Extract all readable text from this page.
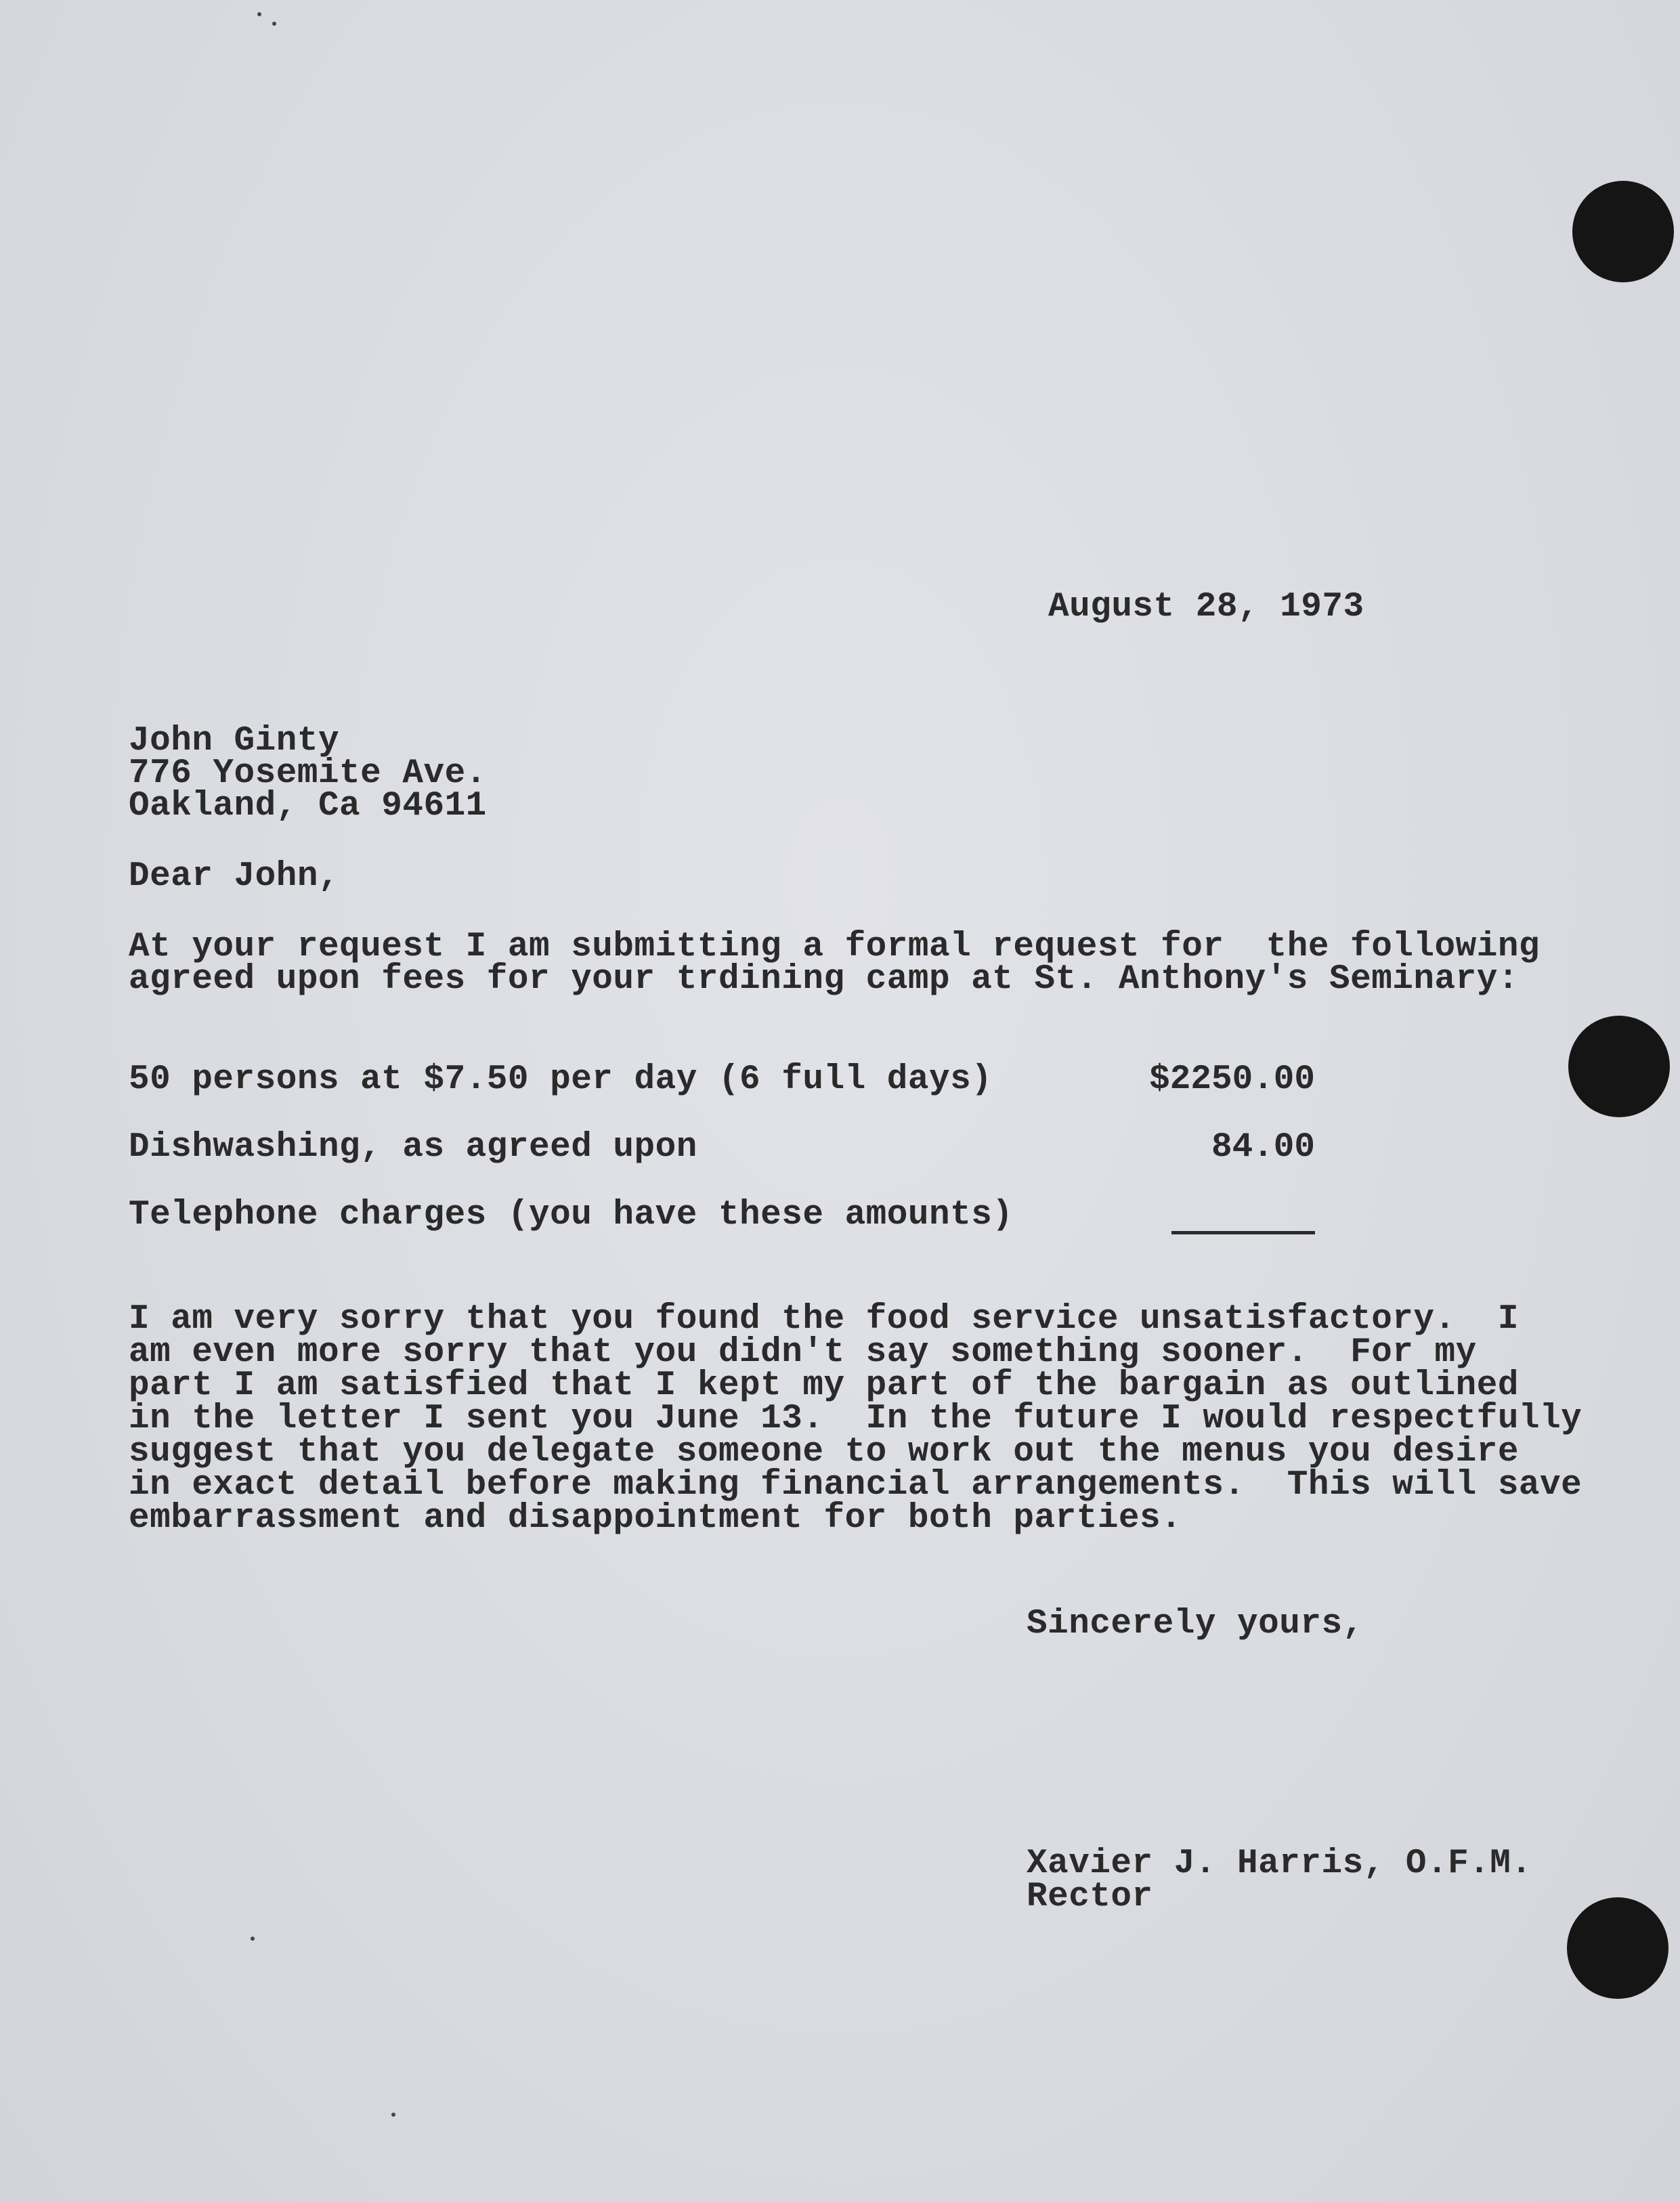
August 28, 1973
John Ginty
776 Yosemite Ave.
Oakland, Ca 94611
Dear John,
At your request I am submitting a formal request for  the following
agreed upon fees for your trdining camp at St. Anthony's Seminary:
50 persons at $7.50 per day (6 full days)	$2250.00
Dishwashing, as agreed upon	84.00
Telephone charges (you have these amounts)
I am very sorry that you found the food service unsatisfactory.  I
am even more sorry that you didn't say something sooner.  For my
part I am satisfied that I kept my part of the bargain as outlined
in the letter I sent you June 13.  In the future I would respectfully
suggest that you delegate someone to work out the menus you desire
in exact detail before making financial arrangements.  This will save
embarrassment and disappointment for both parties.
Sincerely yours,
Xavier J. Harris, O.F.M.
Rector
